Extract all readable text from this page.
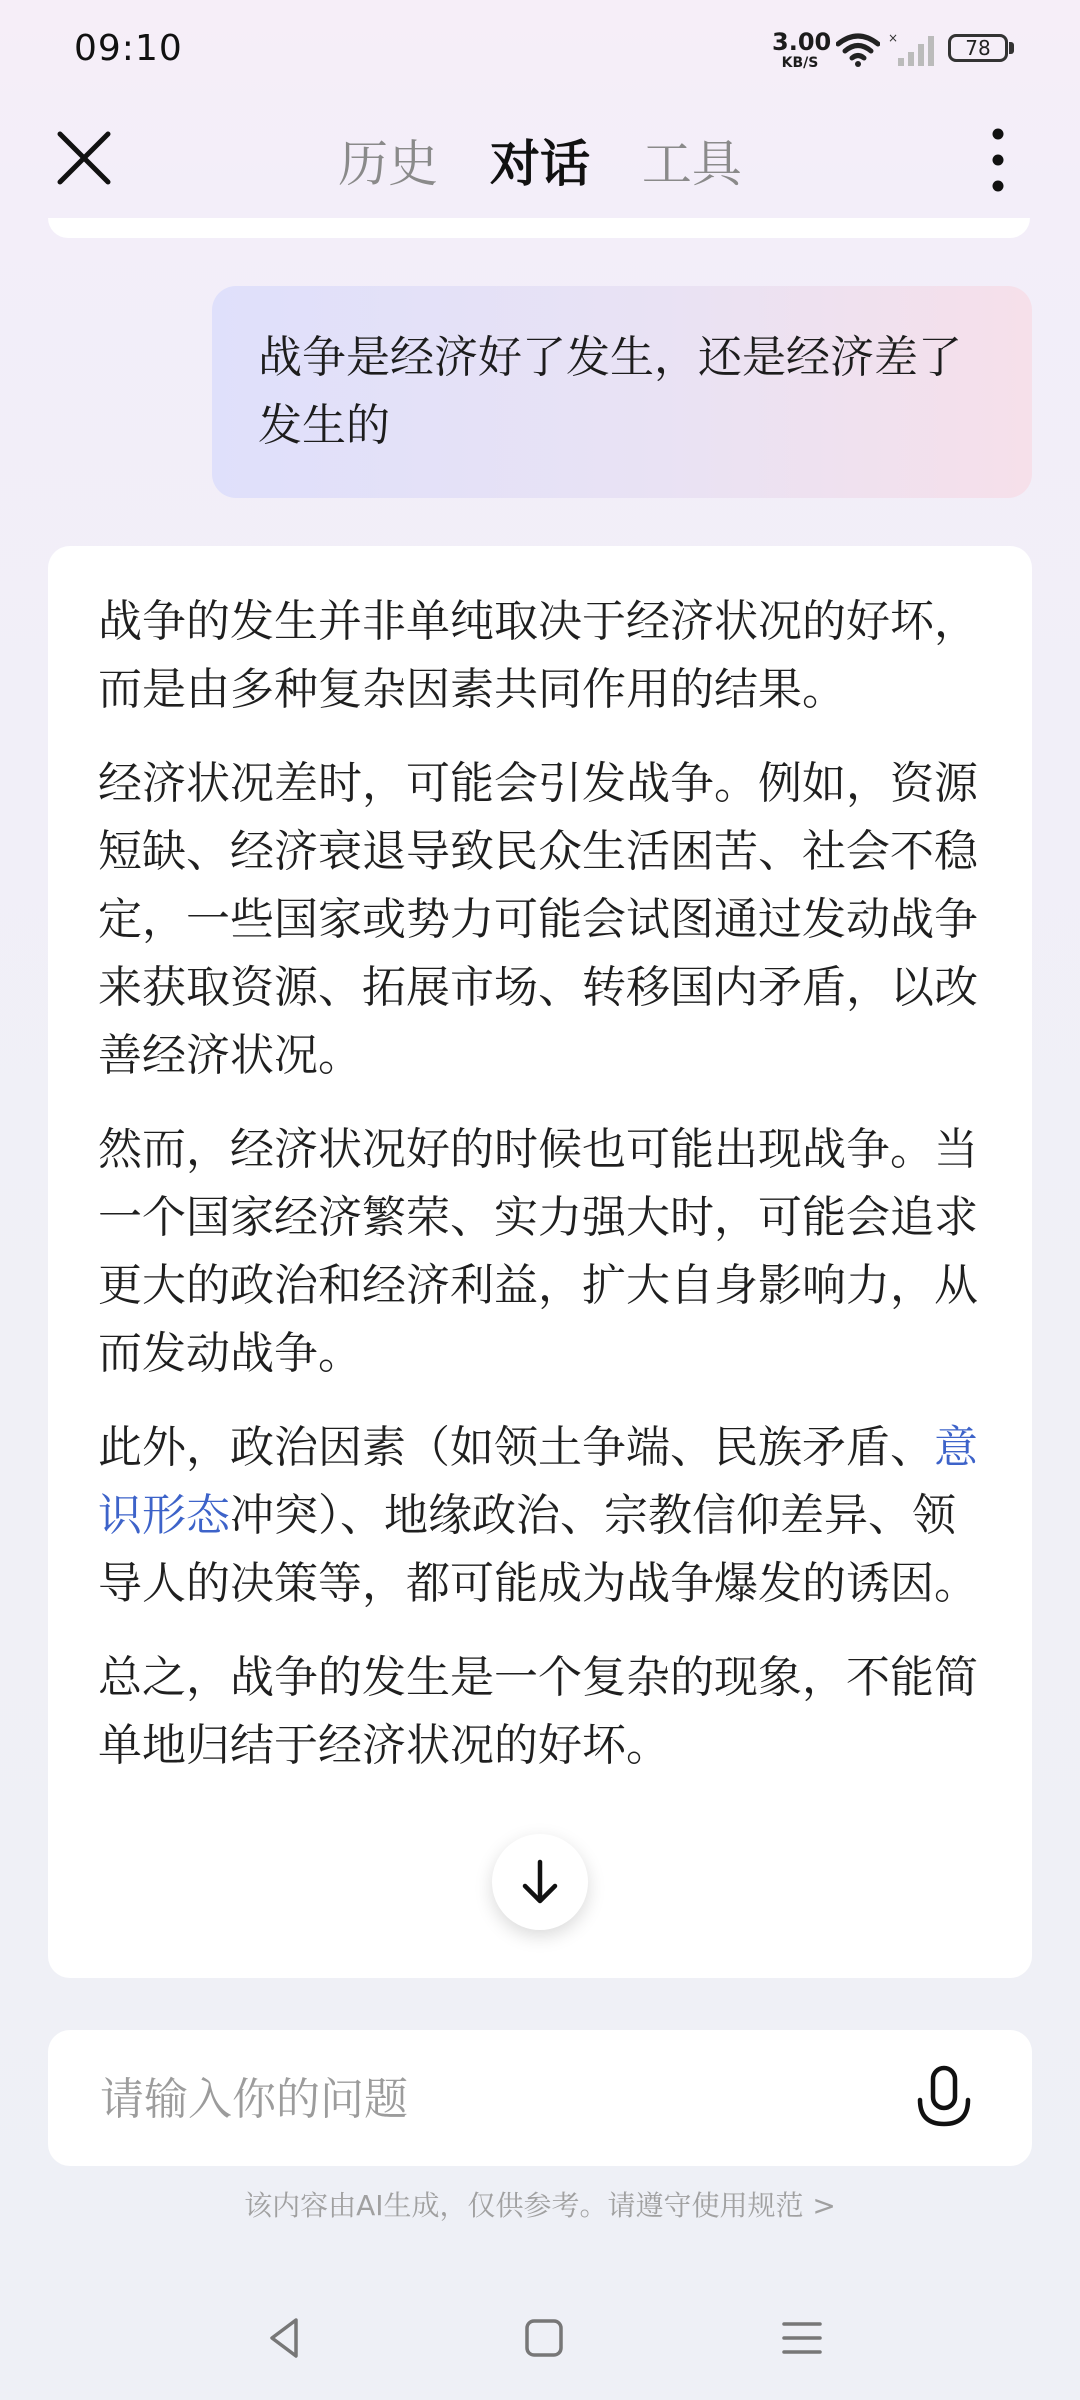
09:10	3.00
KB/S
×	78
历史 对话 工具
战争是经济好了发生，还是经济差了发生的

战争的发生并非单纯取决于经济状况的好坏，而是由多种复杂因素共同作用的结果。

经济状况差时，可能会引发战争。例如，资源短缺、经济衰退导致民众生活困苦、社会不稳定，一些国家或势力可能会试图通过发动战争来获取资源、拓展市场、转移国内矛盾，以改善经济状况。

然而，经济状况好的时候也可能出现战争。当一个国家经济繁荣、实力强大时，可能会追求更大的政治和经济利益，扩大自身影响力，从而发动战争。

此外，政治因素（如领土争端、民族矛盾、意识形态冲突）、地缘政治、宗教信仰差异、领导人的决策等，都可能成为战争爆发的诱因。

总之，战争的发生是一个复杂的现象，不能简单地归结于经济状况的好坏。

请输入你的问题
该内容由AI生成，仅供参考。请遵守使用规范 >
